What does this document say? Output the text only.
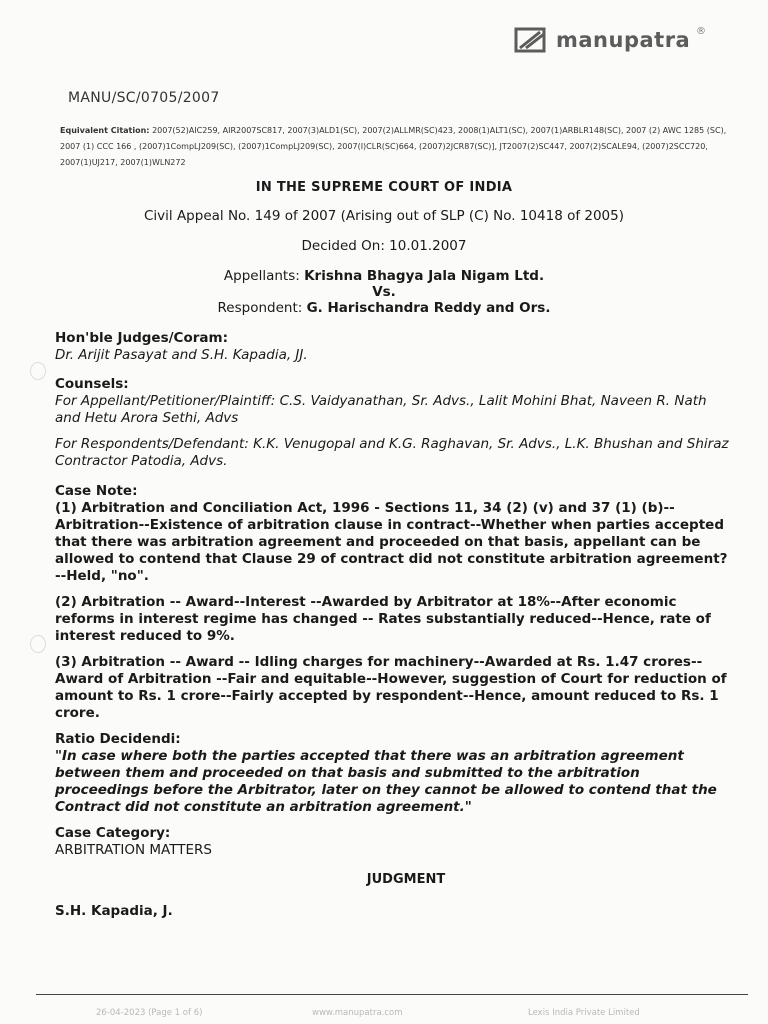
manupatra ®
MANU/SC/0705/2007
Equivalent Citation: 2007(52)AIC259, AIR2007SC817, 2007(3)ALD1(SC), 2007(2)ALLMR(SC)423, 2008(1)ALT1(SC), 2007(1)ARBLR148(SC), 2007 (2) AWC 1285 (SC), 2007 (1) CCC 166 , (2007)1CompLJ209(SC), (2007)1CompLJ209(SC), 2007(I)CLR(SC)664, (2007)2JCR87(SC)], JT2007(2)SC447, 2007(2)SCALE94, (2007)2SCC720, 2007(1)UJ217, 2007(1)WLN272
IN THE SUPREME COURT OF INDIA
Civil Appeal No. 149 of 2007 (Arising out of SLP (C) No. 10418 of 2005)
Decided On: 10.01.2007
Appellants: Krishna Bhagya Jala Nigam Ltd.
Vs.
Respondent: G. Harischandra Reddy and Ors.

Hon'ble Judges/Coram:

Dr. Arijit Pasayat and S.H. Kapadia, JJ.

Counsels:

For Appellant/Petitioner/Plaintiff: C.S. Vaidyanathan, Sr. Advs., Lalit Mohini Bhat, Naveen R. Nath and Hetu Arora Sethi, Advs

For Respondents/Defendant: K.K. Venugopal and K.G. Raghavan, Sr. Advs., L.K. Bhushan and Shiraz Contractor Patodia, Advs.

Case Note:

(1) Arbitration and Conciliation Act, 1996 - Sections 11, 34 (2) (v) and 37 (1) (b)--Arbitration--Existence of arbitration clause in contract--Whether when parties accepted that there was arbitration agreement and proceeded on that basis, appellant can be allowed to contend that Clause 29 of contract did not constitute arbitration agreement?--Held, "no".

(2) Arbitration -- Award--Interest --Awarded by Arbitrator at 18%--After economic reforms in interest regime has changed -- Rates substantially reduced--Hence, rate of interest reduced to 9%.

(3) Arbitration -- Award -- Idling charges for machinery--Awarded at Rs. 1.47 crores--Award of Arbitration --Fair and equitable--However, suggestion of Court for reduction of amount to Rs. 1 crore--Fairly accepted by respondent--Hence, amount reduced to Rs. 1 crore.

Ratio Decidendi:

"In case where both the parties accepted that there was an arbitration agreement between them and proceeded on that basis and submitted to the arbitration proceedings before the Arbitrator, later on they cannot be allowed to contend that the Contract did not constitute an arbitration agreement."

Case Category:

ARBITRATION MATTERS

JUDGMENT
S.H. Kapadia, J.
26-04-2023 (Page 1 of 6)	www.manupatra.com	Lexis India Private Limited
